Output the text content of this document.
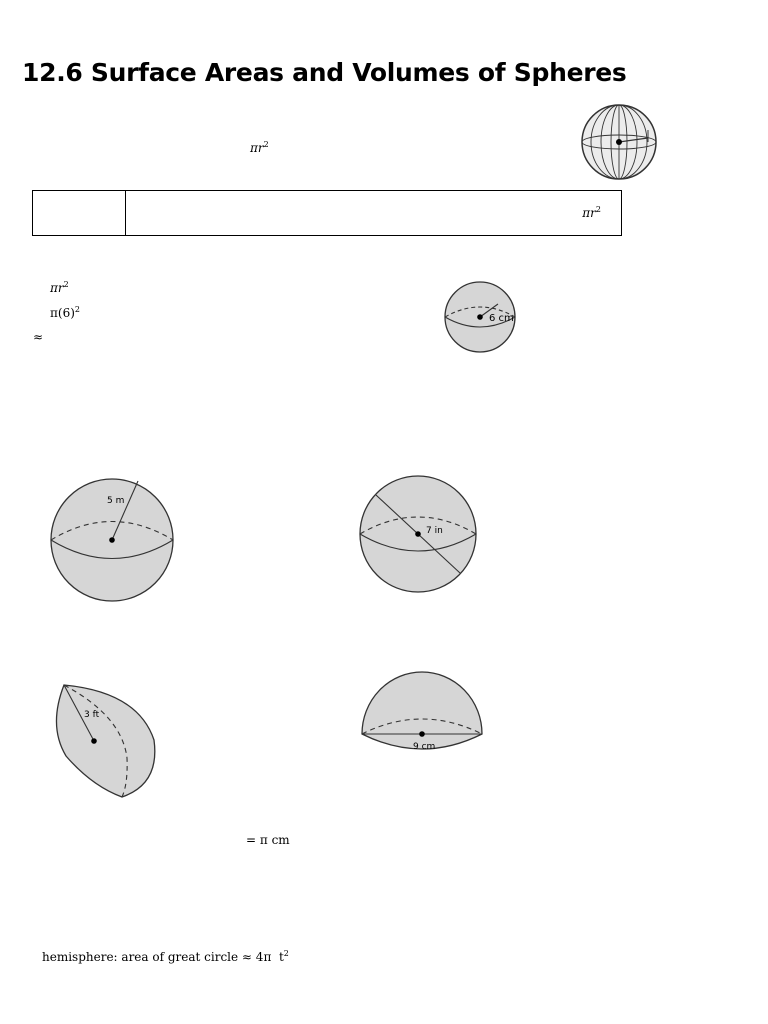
12.6 Surface Areas and Volumes of Spheres
$\pi r^2$
$\pi r^2$
$\pi r^2$
$\pi(6)^2$
≈
6 cm
5 m
7 in
3 ft
9 cm
= π cm
hemisphere: area of great circle ≈ 4π $t^2$
